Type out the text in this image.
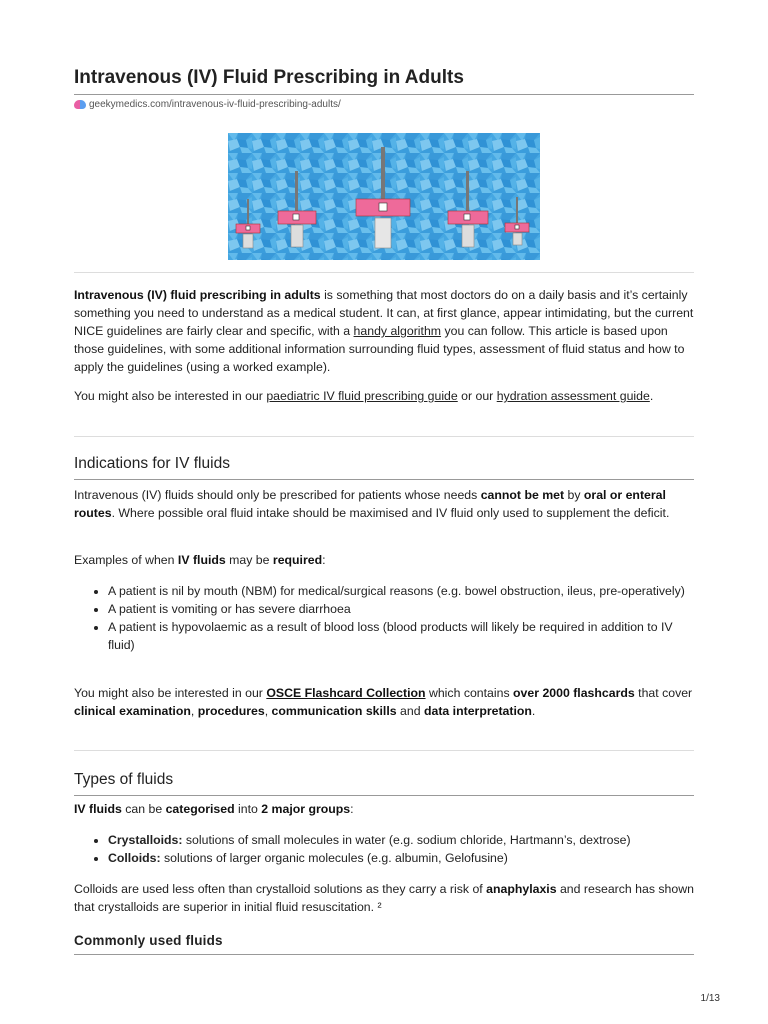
Intravenous (IV) Fluid Prescribing in Adults
geekymedics.com/intravenous-iv-fluid-prescribing-adults/

Intravenous (IV) fluid prescribing in adults is something that most doctors do on a daily basis and it’s certainly something you need to understand as a medical student. It can, at first glance, appear intimidating, but the current NICE guidelines are fairly clear and specific, with a handy algorithm you can follow. This article is based upon those guidelines, with some additional information surrounding fluid types, assessment of fluid status and how to apply the guidelines (using a worked example).

You might also be interested in our paediatric IV fluid prescribing guide or our hydration assessment guide.

Indications for IV fluids

Intravenous (IV) fluids should only be prescribed for patients whose needs cannot be met by oral or enteral routes. Where possible oral fluid intake should be maximised and IV fluid only used to supplement the deficit.

Examples of when IV fluids may be required:

• A patient is nil by mouth (NBM) for medical/surgical reasons (e.g. bowel obstruction, ileus, pre-operatively)
• A patient is vomiting or has severe diarrhoea
• A patient is hypovolaemic as a result of blood loss (blood products will likely be required in addition to IV fluid)

You might also be interested in our OSCE Flashcard Collection which contains over 2000 flashcards that cover clinical examination, procedures, communication skills and data interpretation.

Types of fluids

IV fluids can be categorised into 2 major groups:

• Crystalloids: solutions of small molecules in water (e.g. sodium chloride, Hartmann’s, dextrose)
• Colloids: solutions of larger organic molecules (e.g. albumin, Gelofusine)

Colloids are used less often than crystalloid solutions as they carry a risk of anaphylaxis and research has shown that crystalloids are superior in initial fluid resuscitation. ²

Commonly used fluids
1/13
